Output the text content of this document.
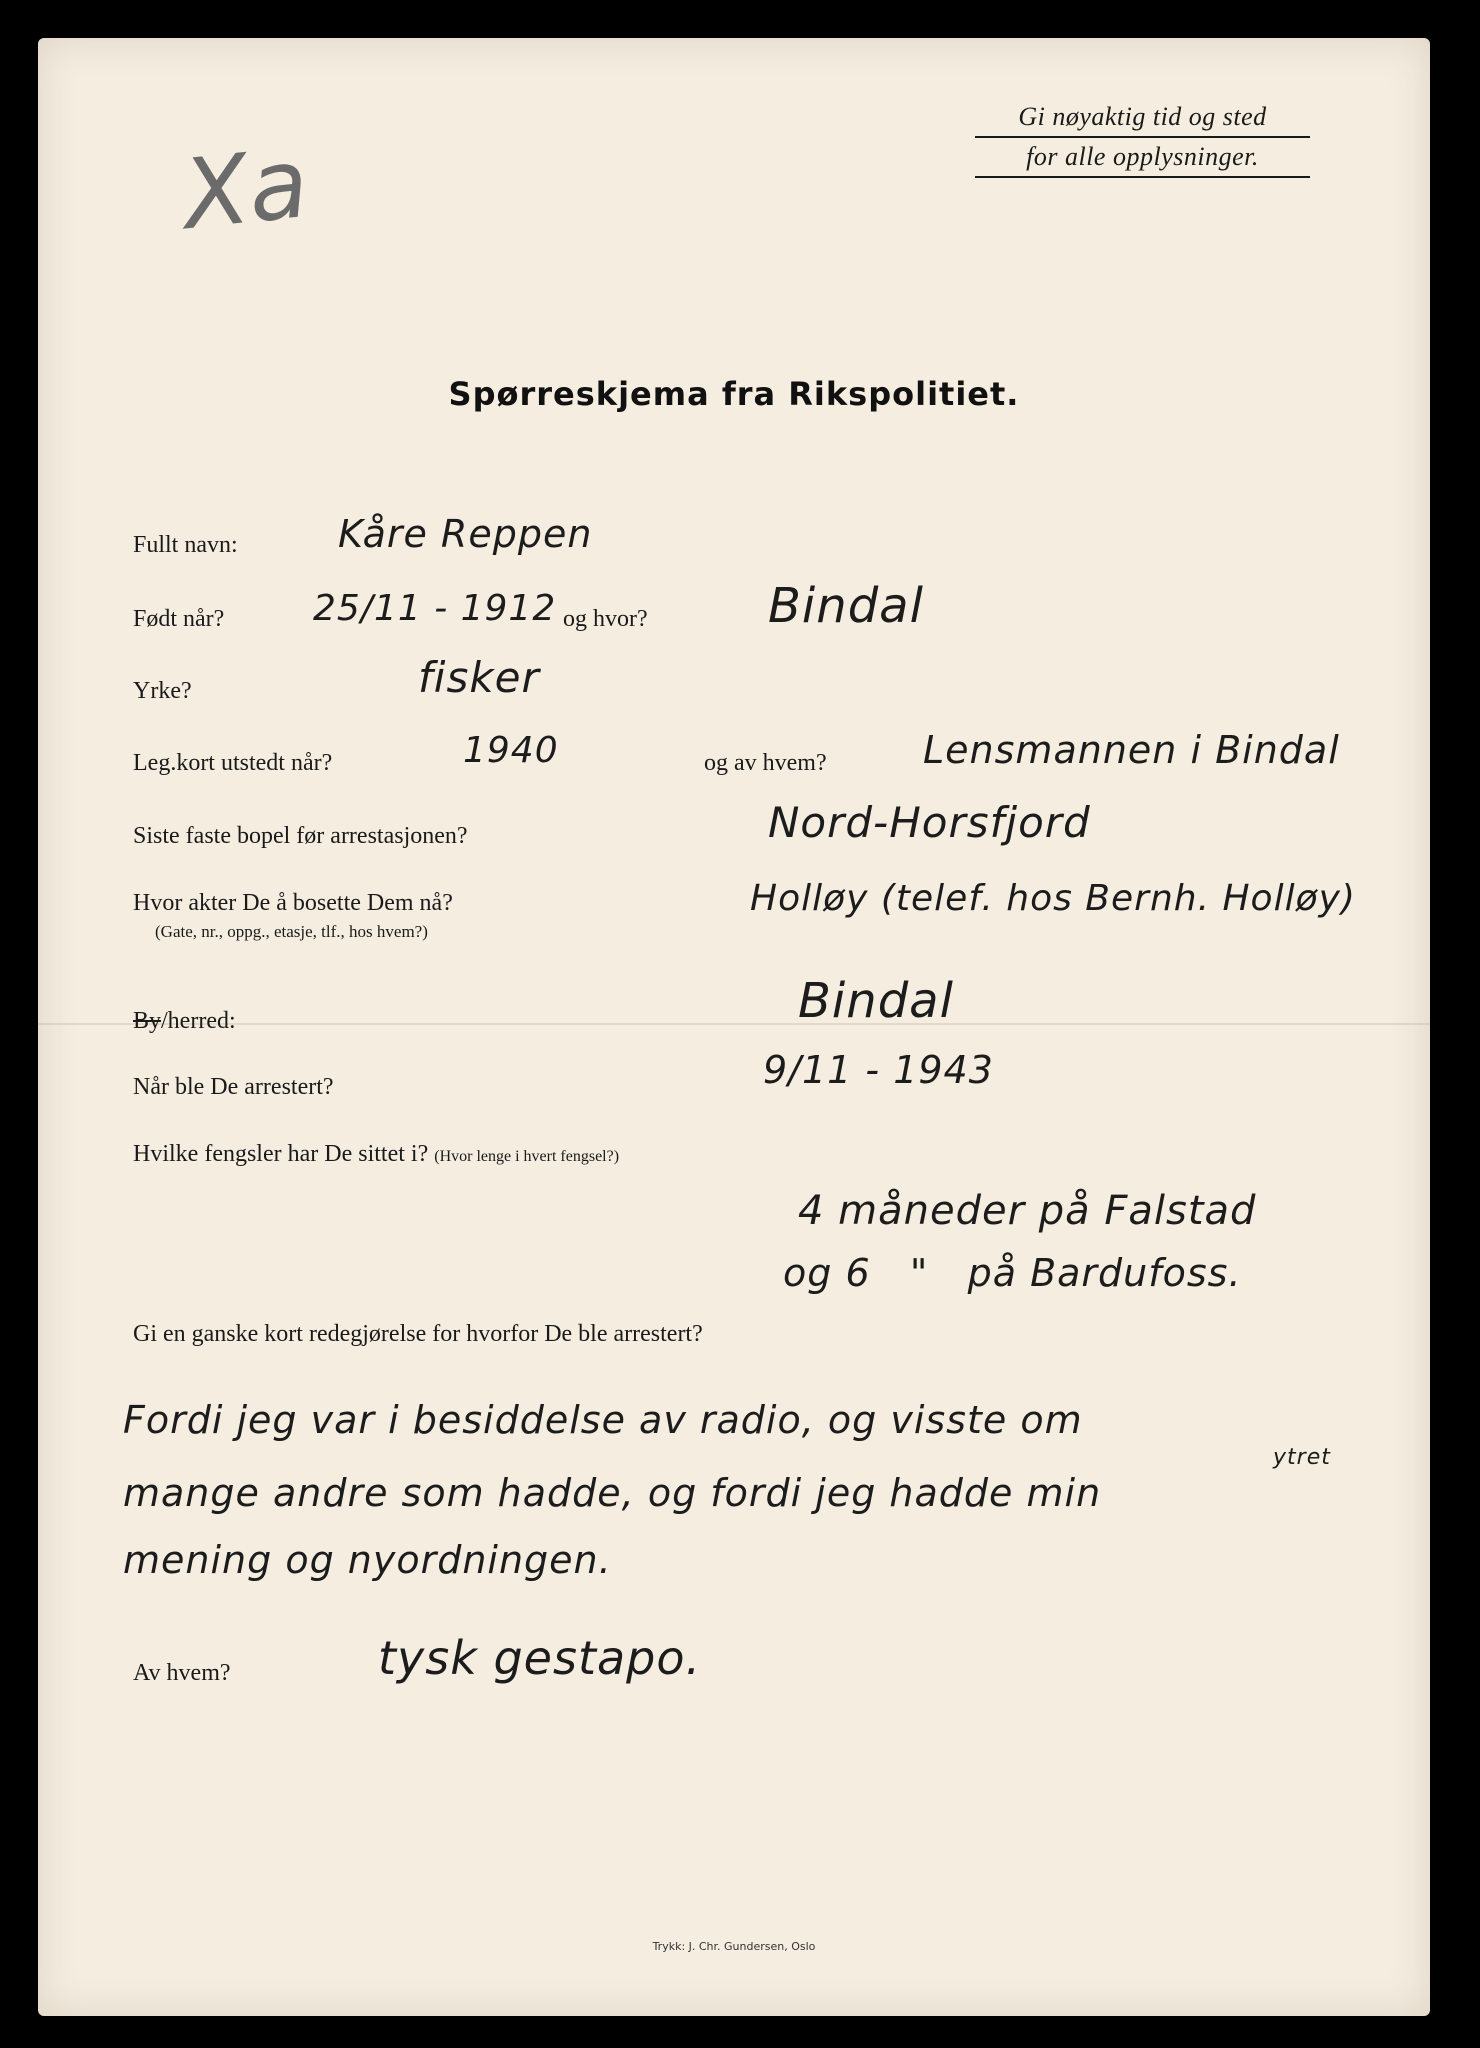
Gi nøyaktig tid og sted
for alle opplysninger.
Xa
Spørreskjema fra Rikspolitiet.
Fullt navn:	Kåre Reppen
Født når? 25/11 - 1912 og hvor?	Bindal
Yrke?	fisker
Leg.kort utstedt når?	1940	og av hvem?	Lensmannen i Bindal
Siste faste bopel før arrestasjonen?	Nord-Horsfjord
Hvor akter De å bosette Dem nå?
(Gate, nr., oppg., etasje, tlf., hos hvem?)
Holløy (telef. hos Bernh. Holløy)
By/herred:	Bindal
Når ble De arrestert?	9/11 - 1943
Hvilke fengsler har De sittet i? (Hvor lenge i hvert fengsel?)
4 måneder på Falstad
og 6   "   på Bardufoss.
Gi en ganske kort redegjørelse for hvorfor De ble arrestert?
Fordi jeg var i besiddelse av radio, og visste om
mange andre som hadde, og fordi jeg hadde min
ytret
mening og nyordningen.
Av hvem?	tysk gestapo.
Trykk: J. Chr. Gundersen, Oslo
